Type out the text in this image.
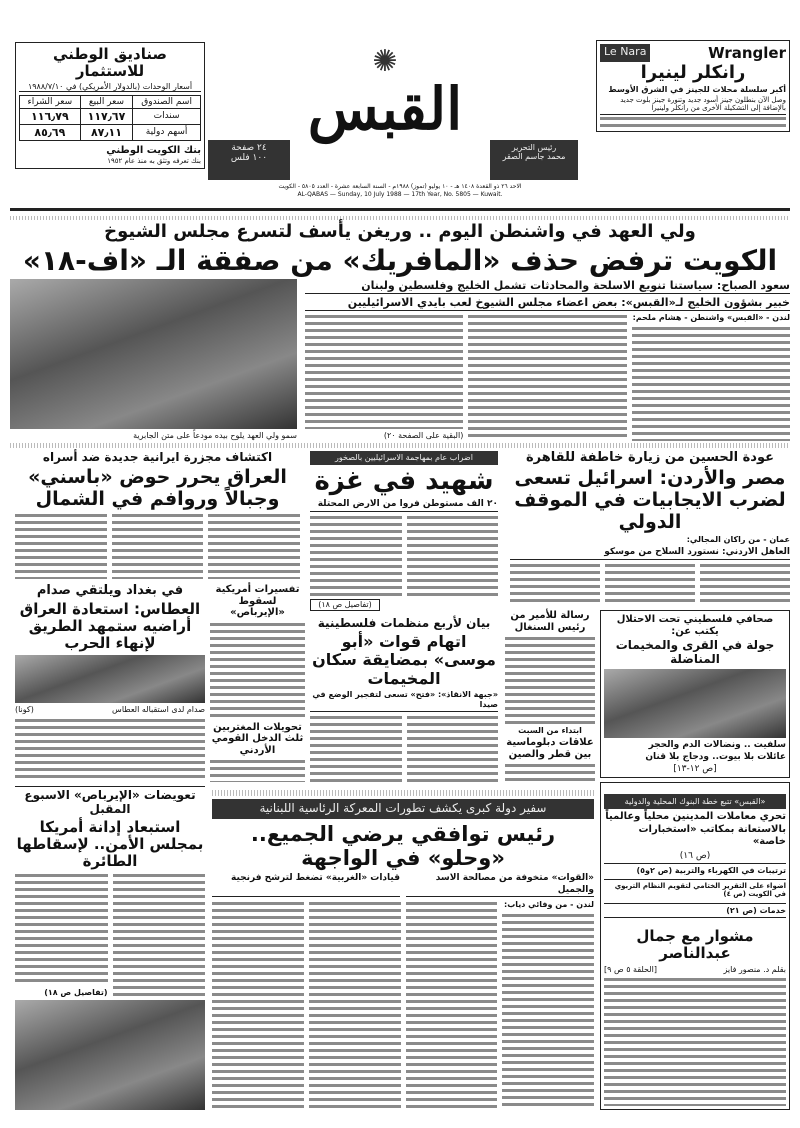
صناديق الوطني للاستثمار
أسعار الوحدات (بالدولار الأمريكي) في ١٩٨٨/٧/١٠
اسم الصندوق	سعر البيع	سعر الشراء
سندات	١١٧٫٦٧	١١٦٫٧٩
أسهم دولية	٨٧٫١١	٨٥٫٦٩
بنك الكويت الوطني
بنك تعرفه وتثق به منذ عام ١٩٥٢
٢٤ صفحة
١٠٠ فلس
✺
القبس
رئيس التحرير
محمد جاسم الصقر
الاحد ٢٦ ذو القعدة ١٤٠٨ هـ - ١٠ يوليو (تموز) ١٩٨٨م - السنة السابعة عشرة - العدد ٥٨٠٥ - الكويت
AL-QABAS — Sunday, 10 July 1988 — 17th Year, No. 5805 — Kuwait.
Le Nara	Wrangler
رانكلر لينيرا
أكبر سلسلة محلات للجينز في الشرق الأوسط
وصل الآن بنطلون جينز أسود جديد وتنورة جينز بلوت جديد بالإضافة إلى التشكيلة الأخرى من رانكلر ولينيرا
ولي العهد في واشنطن اليوم .. وريغن يأسف لتسرع مجلس الشيوخ
الكويت ترفض حذف «المافريك» من صفقة الـ «اف-١٨»
سعود الصباح: سياستنا تنويع الاسلحة والمحادثات تشمل الخليج وفلسطين ولبنان
خبير بشؤون الخليج لـ«القبس»: بعض اعضاء مجلس الشيوخ لعب بايدي الاسرائيليين
لندن - «القبس» واشنطن - هشام ملحم:
(البقية على الصفحة ٢٠)
سمو ولي العهد يلوح بيده مودعاً على متن الجابرية
عودة الحسين من زيارة خاطفة للقاهرة
مصر والأردن: اسرائيل تسعى لضرب الايجابيات في الموقف الدولي
عمان - من راكان المجالي:
العاهل الاردني: نستورد السلاح من موسكو
اضراب عام بمهاجمة الاسرائيليين بالصخور
شهيد في غزة
٢٠ الف مستوطن فروا من الارض المحتلة
(تفاصيل ص ١٨)
اكتشاف مجزرة ايرانية جديدة ضد أسراه
العراق يحرر حوض «باسني» وجبالاً وروافم في الشمال
في بغداد ويلتقي صدام
العطاس: استعادة العراق أراضيه ستمهد الطريق لإنهاء الحرب
صدام لدى استقباله العطاس
(كونا)
تفسيرات أمريكية لسقوط «الإيرباص»
تحويلات المغتربين ثلث الدخل القومي الأردني
بيان لأربع منظمات فلسطينية
اتهام قوات «أبو موسى» بمضايقة سكان المخيمات
«جبهة الانقاذ»: «فتح» تسعى لتفجير الوضع في صيدا
رسالة للأمير من رئيس السنغال
ابتداء من السبت
علاقات دبلوماسية بين قطر والصين
صحافي فلسطيني تحت الاحتلال يكتب عن:
جولة في القرى والمخيمات المناضلة
سلفيت .. ونضالات الدم والحجر
عائلات بلا بيوت.. ودجاج بلا قنان
[ص ١٢-١٣]
تعويضات «الإيرباص» الاسبوع المقبل
استبعاد إدانة أمريكا بمجلس الأمن.. لإسقاطها الطائرة
(تفاصيل ص ١٨)
سفير دولة كبرى يكشف تطورات المعركة الرئاسية اللبنانية
رئيس توافقي يرضي الجميع.. «وحلو» في الواجهة
«القوات» متخوفة من مصالحة الاسد والجميل
قيادات «الغربية» تضغط لترشح فرنجية
لندن - من وفائي دياب:
«القبس» تتبع خطة البنوك المحلية والدولية
تحري معاملات المدينين محلياً وعالمياً بالاستعانة بمكاتب «استخبارات خاصة»
(ص ١٦)
ترتيبات في الكهرباء والتربية (ص ٢و٥)
اضواء على التقرير الختامي لتقويم النظام التربوي في الكويت (ص ٤)
خدمات (ص ٢١)
مشوار مع جمال عبدالناصر
بقلم د. منصور فايز
[الحلقة ٥ ص ٩]
